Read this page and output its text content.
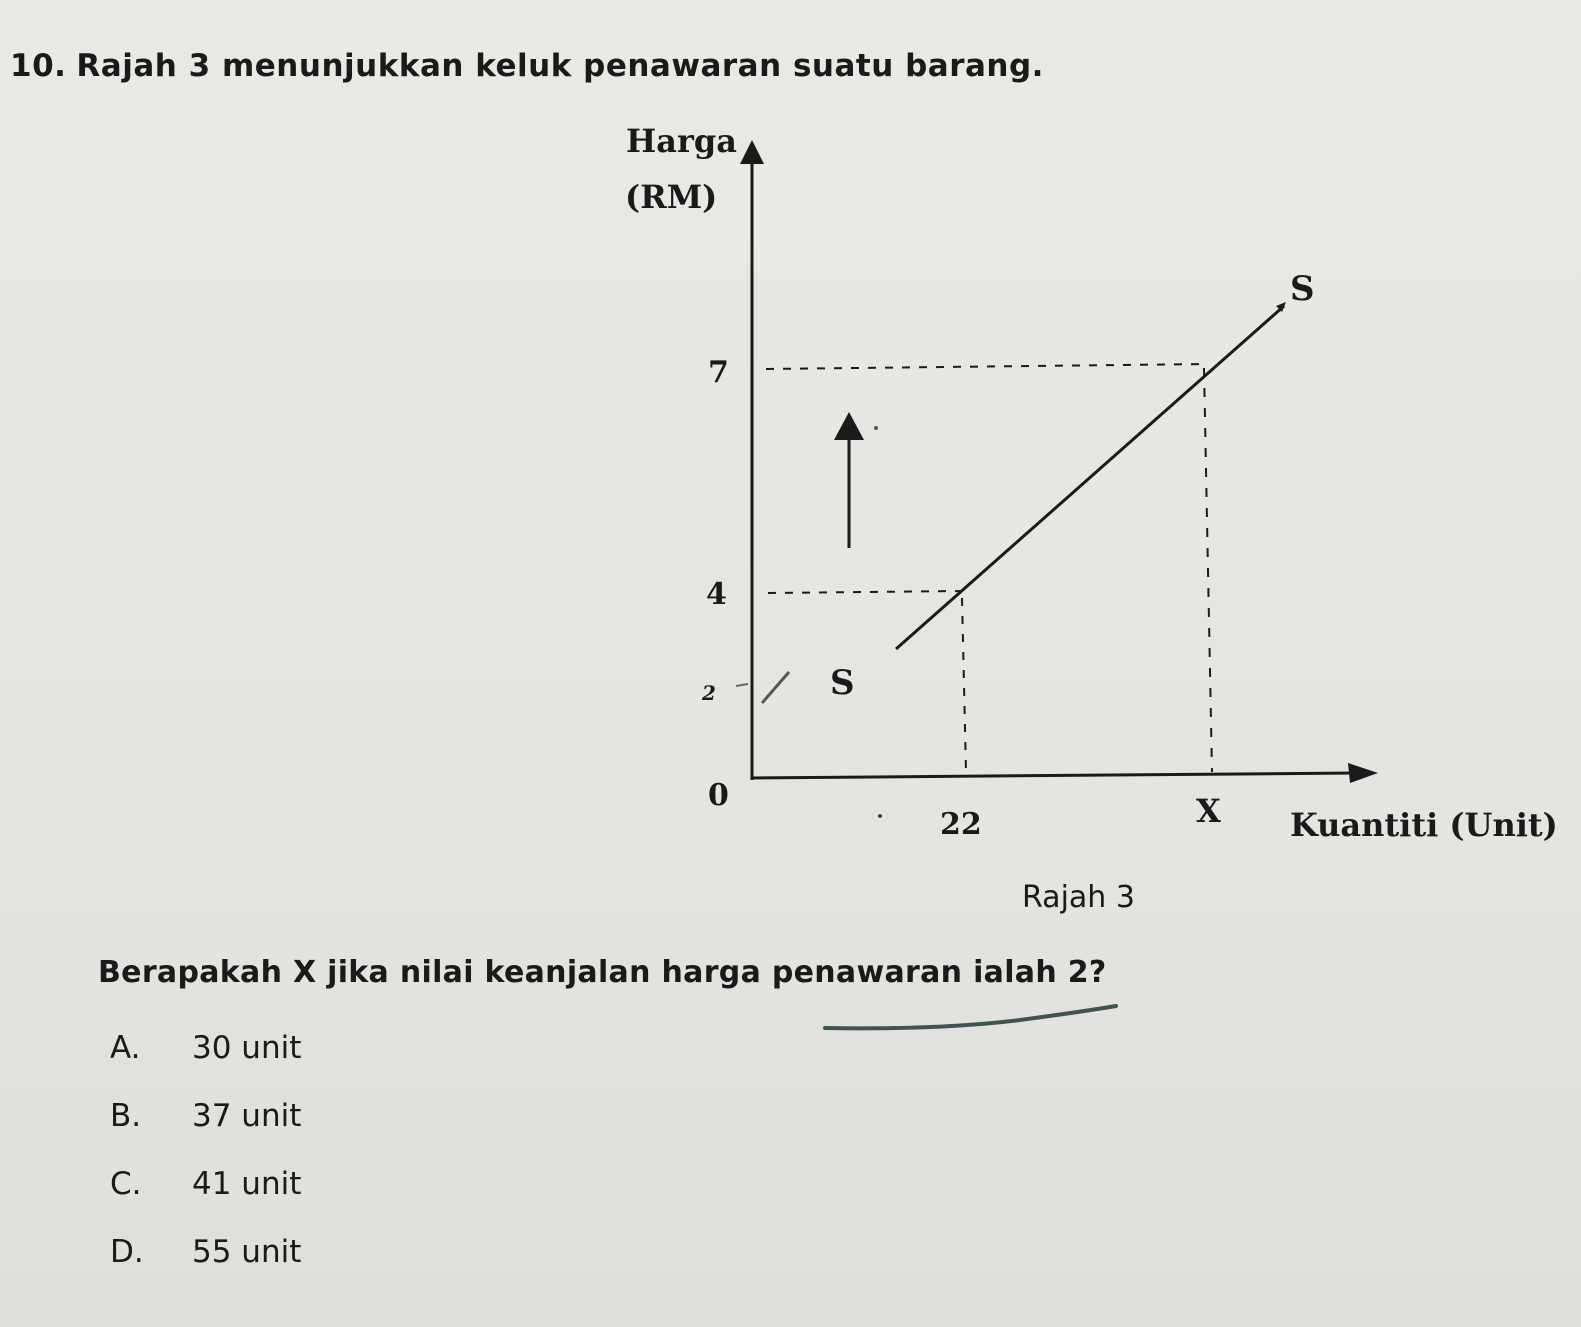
10. Rajah 3 menunjukkan keluk penawaran suatu barang.
Harga
(RM)
Kuantiti (Unit)
0
7
4
22	X
S
S
2
Rajah 3
Berapakah X jika nilai keanjalan harga penawaran ialah 2?
A. 30 unit
B. 37 unit
C. 41 unit
D. 55 unit
